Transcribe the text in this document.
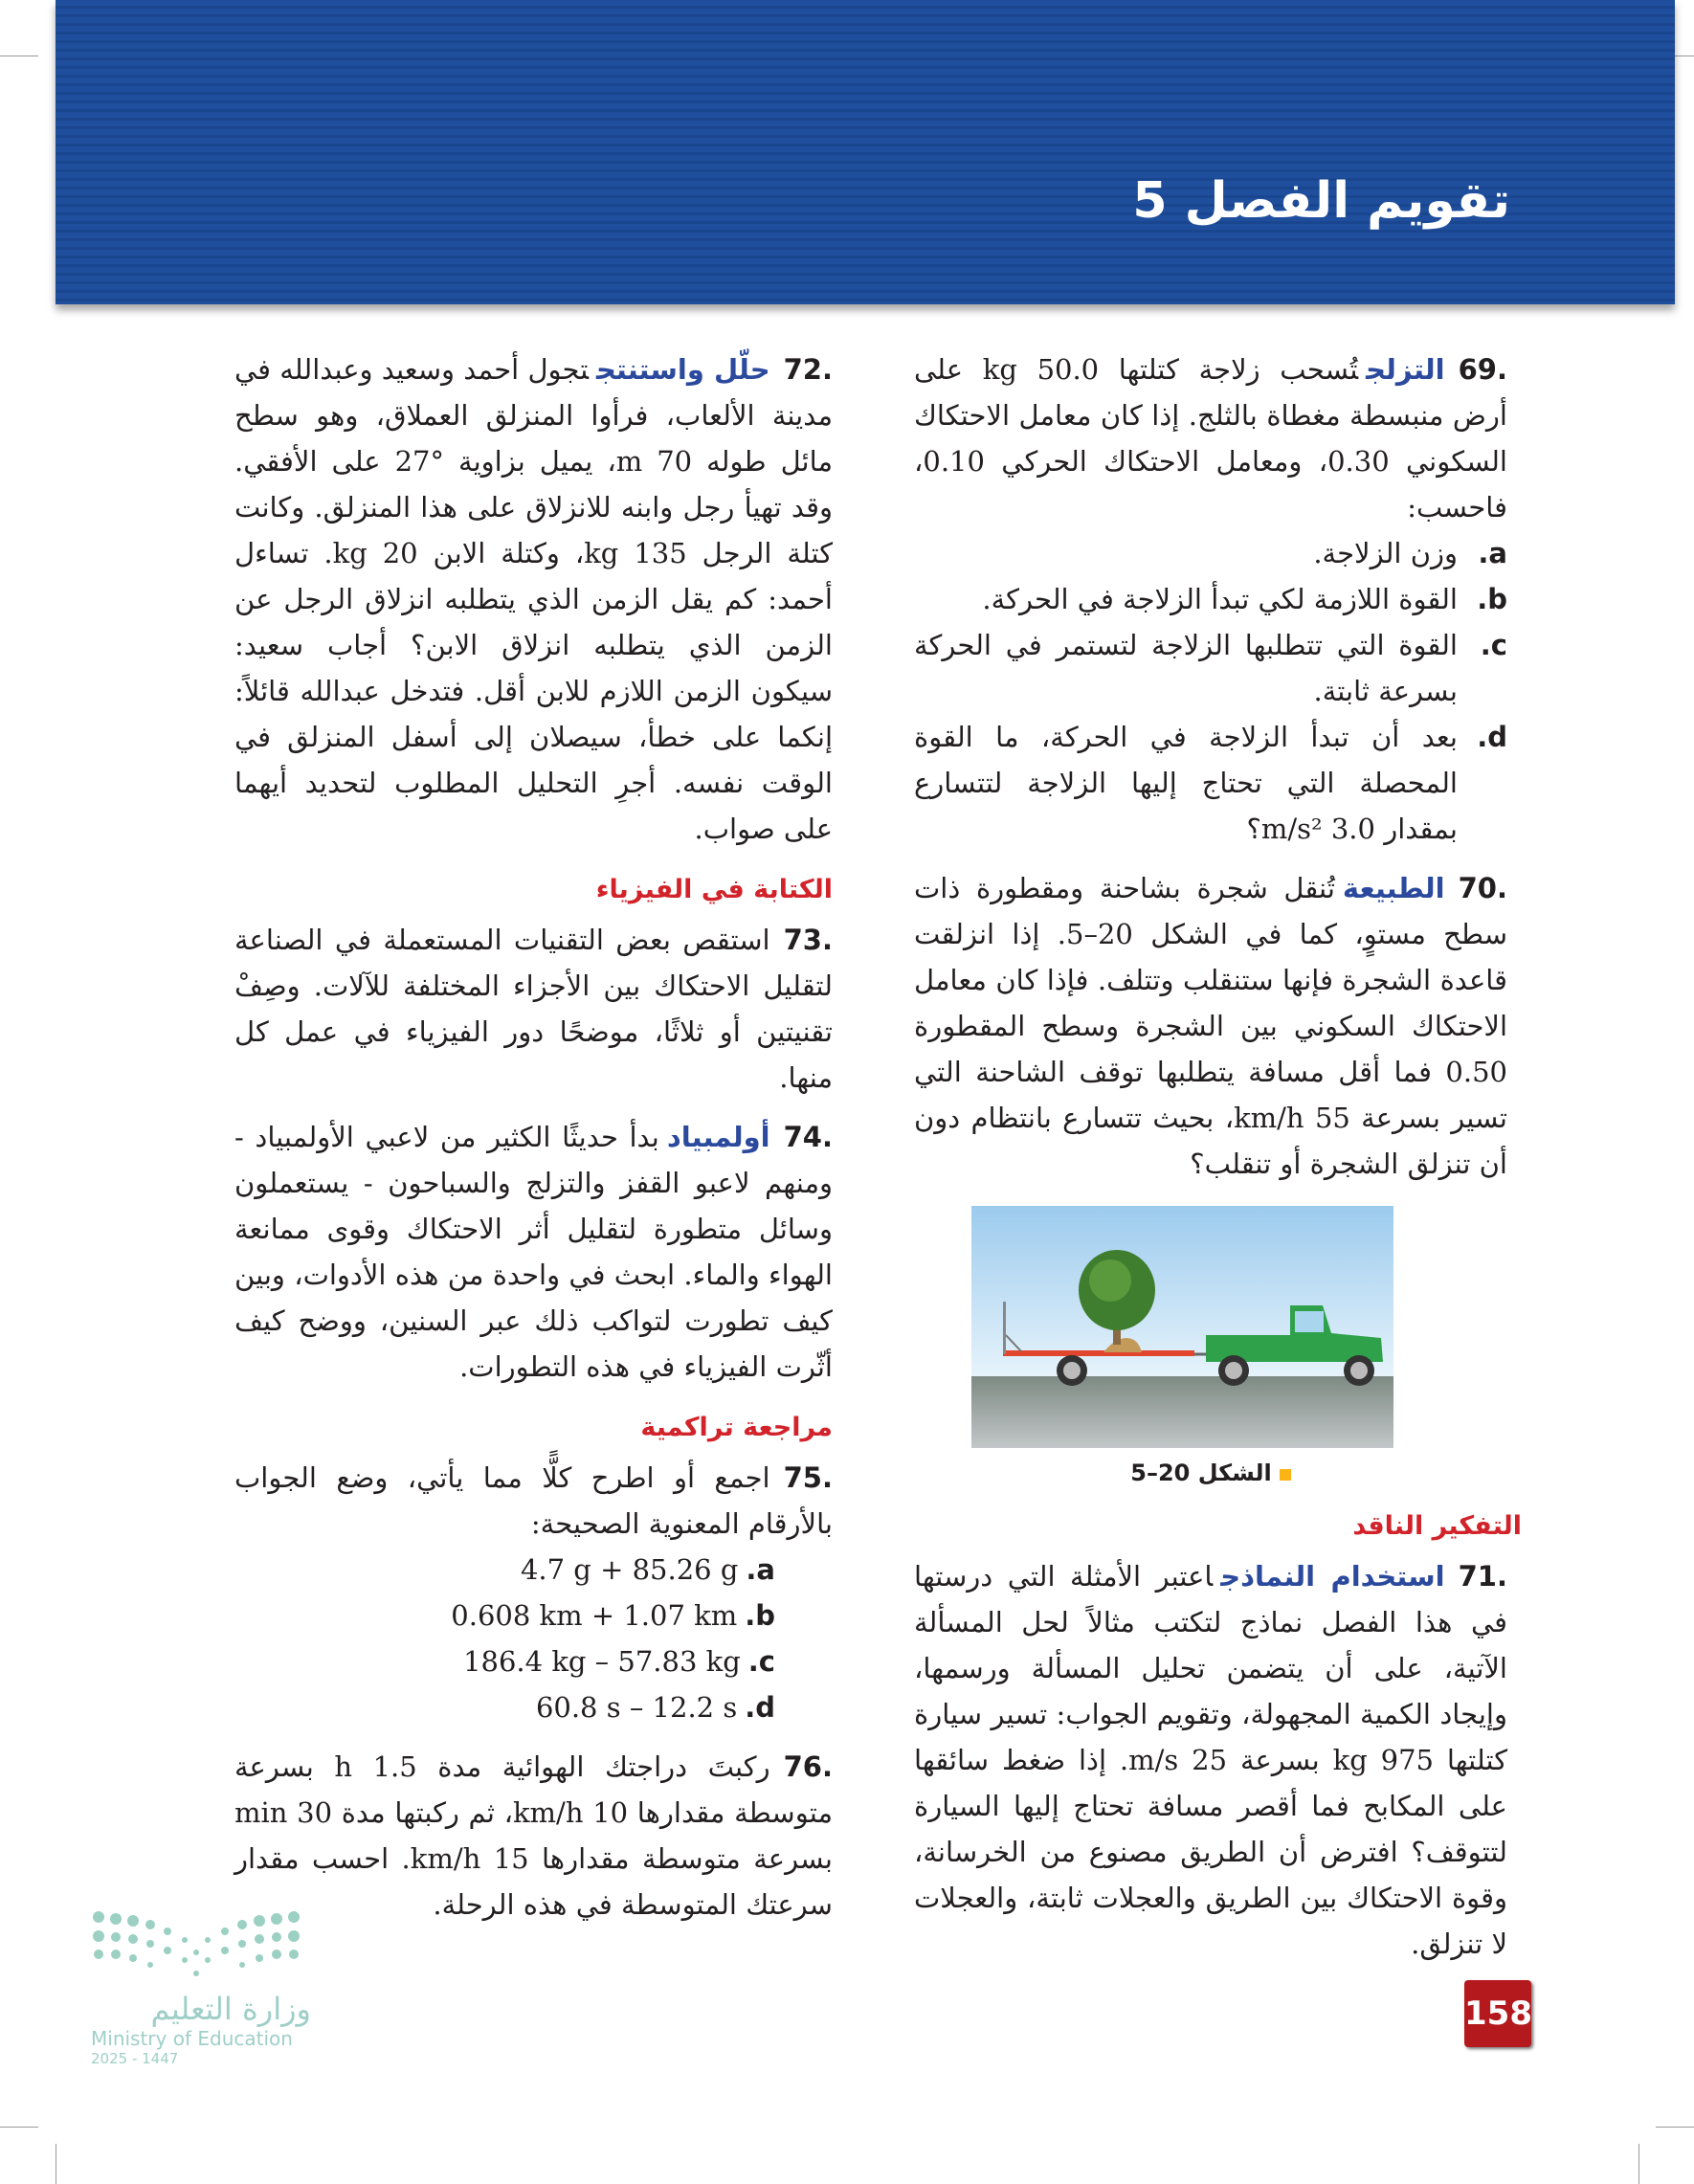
تقويم الفصل 5
.69التزلجتُسحب زلاجة كتلتها 50.0 kg على أرض منبسطة مغطاة بالثلج. إذا كان معامل الاحتكاك السكوني 0.30، ومعامل الاحتكاك الحركي 0.10، فاحسب:
a.
وزن الزلاجة.
b.
القوة اللازمة لكي تبدأ الزلاجة في الحركة.
c.
القوة التي تتطلبها الزلاجة لتستمر في الحركة بسرعة ثابتة.
d.
بعد أن تبدأ الزلاجة في الحركة، ما القوة المحصلة التي تحتاج إليها الزلاجة لتتسارع بمقدار 3.0 m/s²؟
.70الطبيعةتُنقل شجرة بشاحنة ومقطورة ذات سطح مستوٍ، كما في الشكل 20–5. إذا انزلقت قاعدة الشجرة فإنها ستنقلب وتتلف. فإذا كان معامل الاحتكاك السكوني بين الشجرة وسطح المقطورة 0.50 فما أقل مسافة يتطلبها توقف الشاحنة التي تسير بسرعة 55 km/h، بحيث تتسارع بانتظام دون أن تنزلق الشجرة أو تنقلب؟
الشكل 20–5
التفكير الناقد
.71استخدام النماذجاعتبر الأمثلة التي درستها في هذا الفصل نماذج لتكتب مثالاً لحل المسألة الآتية، على أن يتضمن تحليل المسألة ورسمها، وإيجاد الكمية المجهولة، وتقويم الجواب: تسير سيارة كتلتها 975 kg بسرعة 25 m/s. إذا ضغط سائقها على المكابح فما أقصر مسافة تحتاج إليها السيارة لتتوقف؟ افترض أن الطريق مصنوع من الخرسانة، وقوة الاحتكاك بين الطريق والعجلات ثابتة، والعجلات لا تنزلق.
158
.72حلّل واستنتجتجول أحمد وسعيد وعبدالله في مدينة الألعاب، فرأوا المنزلق العملاق، وهو سطح مائل طوله 70 m، يميل بزاوية °27 على الأفقي. وقد تهيأ رجل وابنه للانزلاق على هذا المنزلق. وكانت كتلة الرجل 135 kg، وكتلة الابن 20 kg. تساءل أحمد: كم يقل الزمن الذي يتطلبه انزلاق الرجل عن الزمن الذي يتطلبه انزلاق الابن؟ أجاب سعيد: سيكون الزمن اللازم للابن أقل. فتدخل عبدالله قائلاً: إنكما على خطأ، سيصلان إلى أسفل المنزلق في الوقت نفسه. أجرِ التحليل المطلوب لتحديد أيهما على صواب.
الكتابة في الفيزياء
.73استقص بعض التقنيات المستعملة في الصناعة لتقليل الاحتكاك بين الأجزاء المختلفة للآلات. وصِفْ تقنيتين أو ثلاثًا، موضحًا دور الفيزياء في عمل كل منها.
.74أولمبيادبدأ حديثًا الكثير من لاعبي الأولمبياد - ومنهم لاعبو القفز والتزلج والسباحون - يستعملون وسائل متطورة لتقليل أثر الاحتكاك وقوى ممانعة الهواء والماء. ابحث في واحدة من هذه الأدوات، وبين كيف تطورت لتواكب ذلك عبر السنين، ووضح كيف أثّرت الفيزياء في هذه التطورات.
مراجعة تراكمية
.75اجمع أو اطرح كلًّا مما يأتي، وضع الجواب بالأرقام المعنوية الصحيحة:
4.7 g + 85.26 g .a
0.608 km + 1.07 km .b
186.4 kg – 57.83 kg .c
60.8 s – 12.2 s .d
.76ركبتَ دراجتك الهوائية مدة 1.5 h بسرعة متوسطة مقدارها 10 km/h، ثم ركبتها مدة 30 min بسرعة متوسطة مقدارها 15 km/h. احسب مقدار سرعتك المتوسطة في هذه الرحلة.
وزارة التعليم
Ministry of Education
2025 - 1447
